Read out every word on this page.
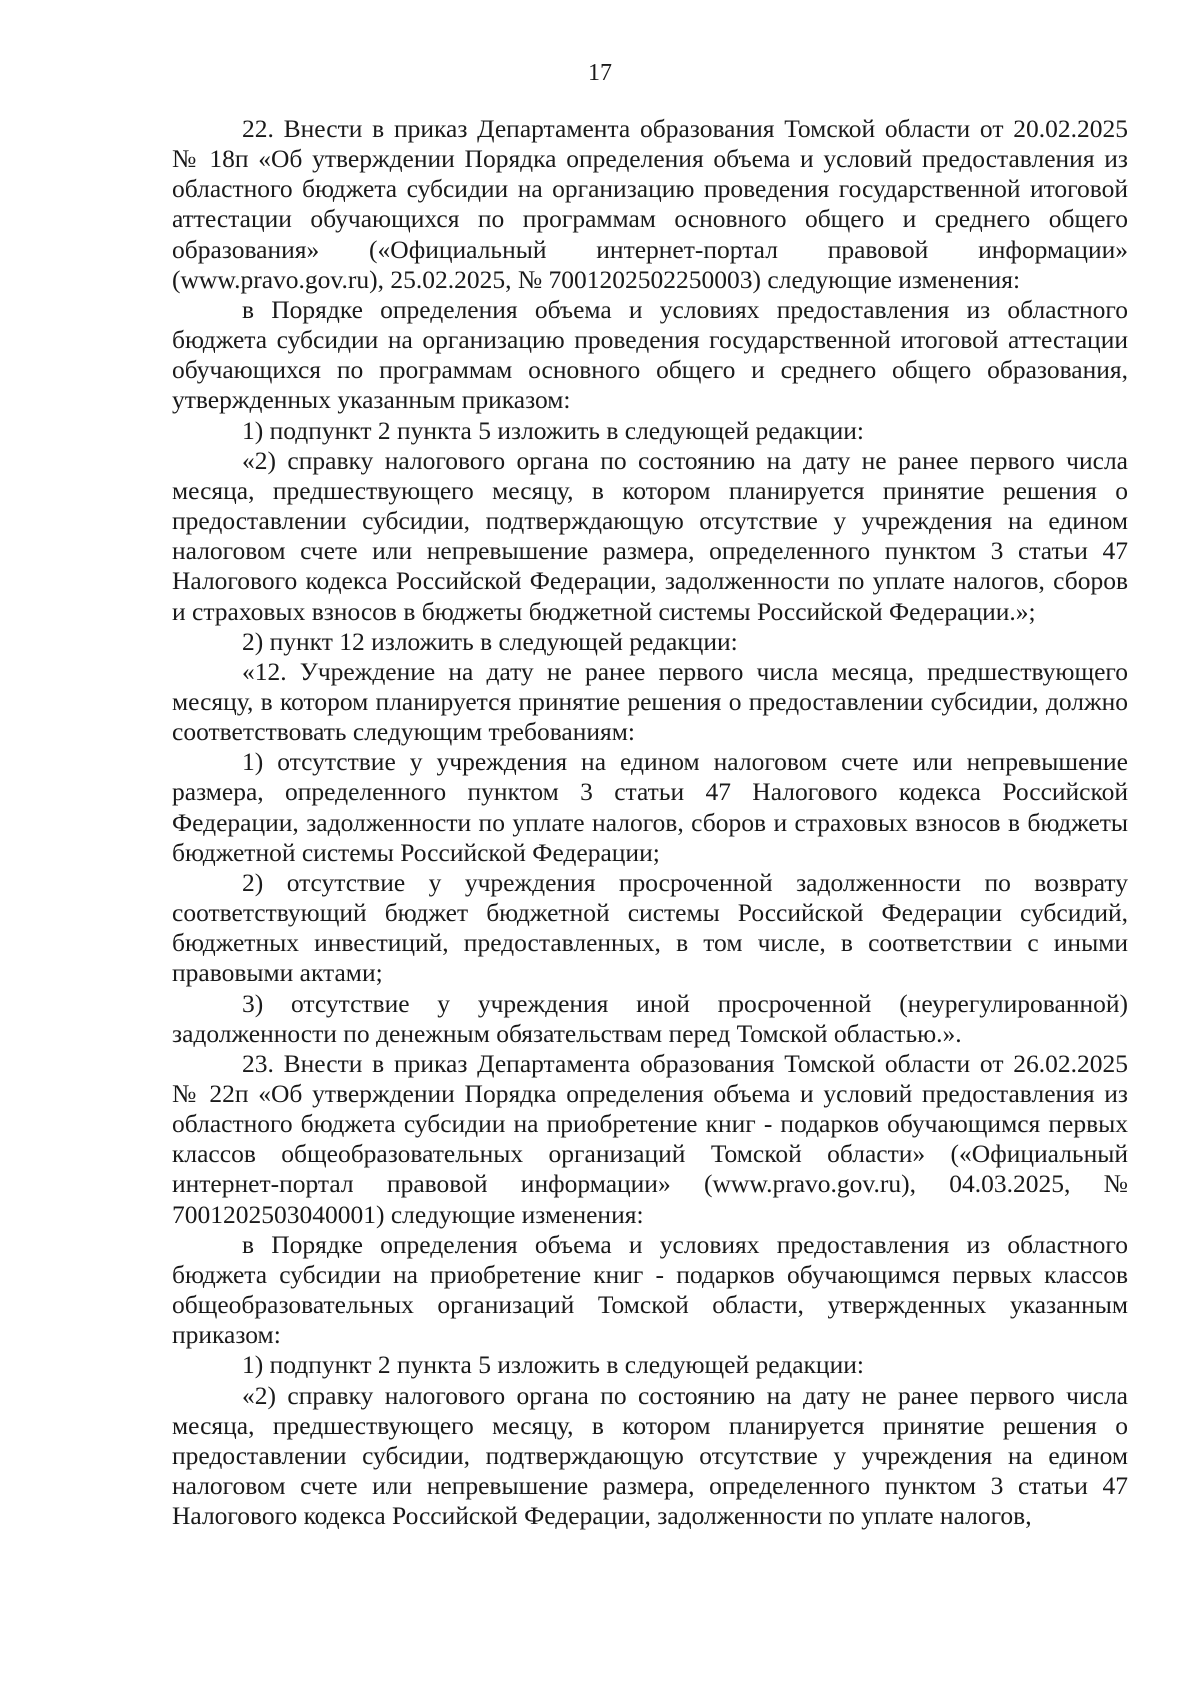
17

22. Внести в приказ Департамента образования Томской области от 20.02.2025 № 18п «Об утверждении Порядка определения объема и условий предоставления из областного бюджета субсидии на организацию проведения государственной итоговой аттестации обучающихся по программам основного общего и среднего общего образования» («Официальный интернет-портал правовой информации» (www.pravo.gov.ru), 25.02.2025, № 7001202502250003) следующие изменения:

в Порядке определения объема и условиях предоставления из областного бюджета субсидии на организацию проведения государственной итоговой аттестации обучающихся по программам основного общего и среднего общего образования, утвержденных указанным приказом:

1) подпункт 2 пункта 5 изложить в следующей редакции:

«2) справку налогового органа по состоянию на дату не ранее первого числа месяца, предшествующего месяцу, в котором планируется принятие решения о предоставлении субсидии, подтверждающую отсутствие у учреждения на едином налоговом счете или непревышение размера, определенного пунктом 3 статьи 47 Налогового кодекса Российской Федерации, задолженности по уплате налогов, сборов и страховых взносов в бюджеты бюджетной системы Российской Федерации.»;

2) пункт 12 изложить в следующей редакции:

«12. Учреждение на дату не ранее первого числа месяца, предшествующего месяцу, в котором планируется принятие решения о предоставлении субсидии, должно соответствовать следующим требованиям:

1) отсутствие у учреждения на едином налоговом счете или непревышение размера, определенного пунктом 3 статьи 47 Налогового кодекса Российской Федерации, задолженности по уплате налогов, сборов и страховых взносов в бюджеты бюджетной системы Российской Федерации;

2) отсутствие у учреждения просроченной задолженности по возврату соответствующий бюджет бюджетной системы Российской Федерации субсидий, бюджетных инвестиций, предоставленных, в том числе, в соответствии с иными правовыми актами;

3) отсутствие у учреждения иной просроченной (неурегулированной) задолженности по денежным обязательствам перед Томской областью.».

23. Внести в приказ Департамента образования Томской области от 26.02.2025 № 22п «Об утверждении Порядка определения объема и условий предоставления из областного бюджета субсидии на приобретение книг - подарков обучающимся первых классов общеобразовательных организаций Томской области» («Официальный интернет-портал правовой информации» (www.pravo.gov.ru), 04.03.2025, № 7001202503040001) следующие изменения:

в Порядке определения объема и условиях предоставления из областного бюджета субсидии на приобретение книг - подарков обучающимся первых классов общеобразовательных организаций Томской области, утвержденных указанным приказом:

1) подпункт 2 пункта 5 изложить в следующей редакции:

«2) справку налогового органа по состоянию на дату не ранее первого числа месяца, предшествующего месяцу, в котором планируется принятие решения о предоставлении субсидии, подтверждающую отсутствие у учреждения на едином налоговом счете или непревышение размера, определенного пунктом 3 статьи 47 Налогового кодекса Российской Федерации, задолженности по уплате налогов,
